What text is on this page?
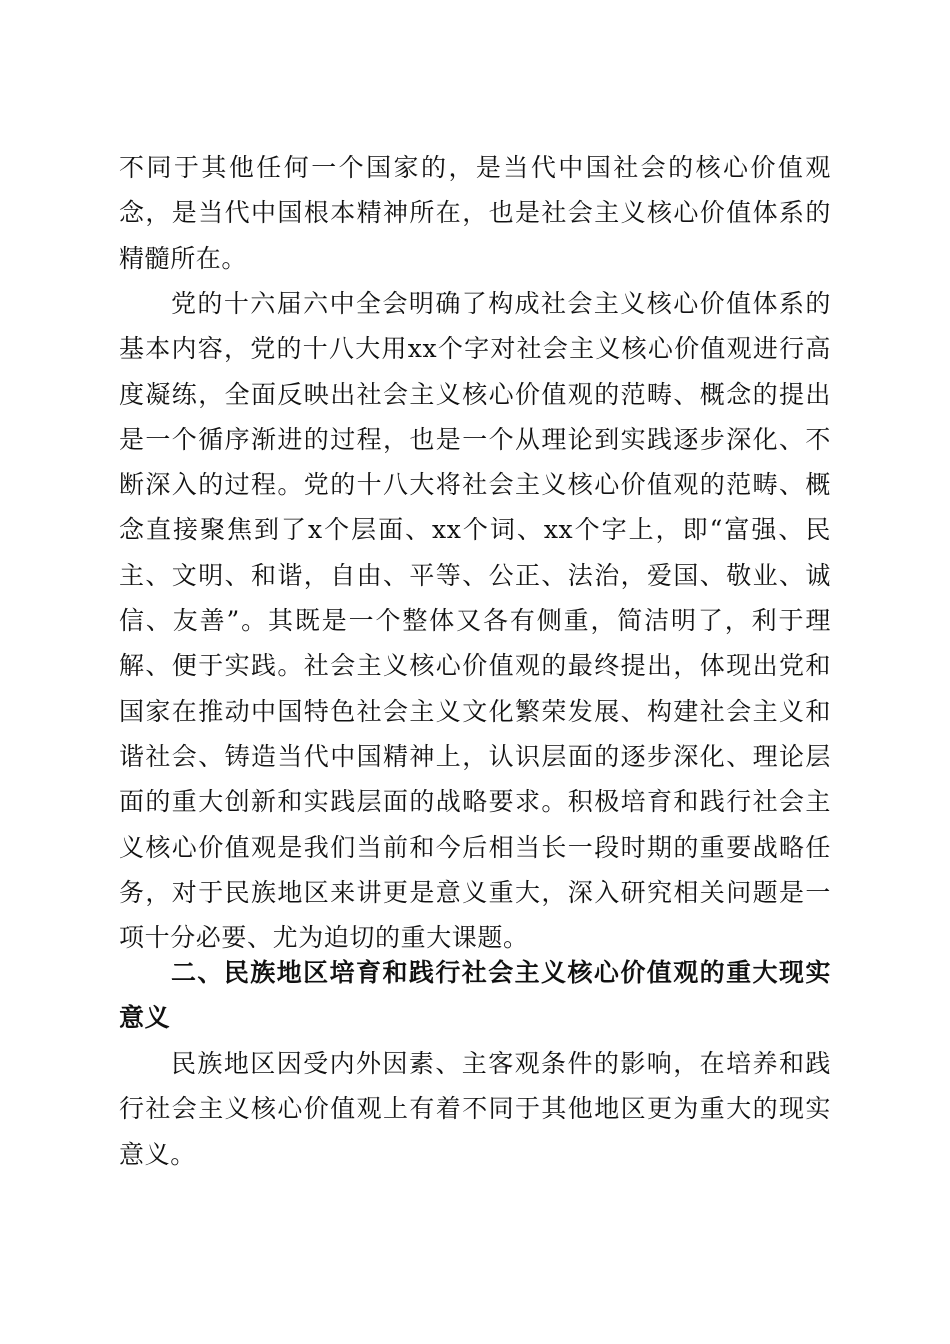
不同于其他任何一个国家的，是当代中国社会的核心价值观念，是当代中国根本精神所在，也是社会主义核心价值体系的精髓所在。

党的十六届六中全会明确了构成社会主义核心价值体系的基本内容，党的十八大用xx个字对社会主义核心价值观进行高度凝练，全面反映出社会主义核心价值观的范畴、概念的提出是一个循序渐进的过程，也是一个从理论到实践逐步深化、不断深入的过程。党的十八大将社会主义核心价值观的范畴、概念直接聚焦到了x个层面、xx个词、xx个字上，即“富强、民主、文明、和谐，自由、平等、公正、法治，爱国、敬业、诚信、友善”。其既是一个整体又各有侧重，简洁明了，利于理解、便于实践。社会主义核心价值观的最终提出，体现出党和国家在推动中国特色社会主义文化繁荣发展、构建社会主义和谐社会、铸造当代中国精神上，认识层面的逐步深化、理论层面的重大创新和实践层面的战略要求。积极培育和践行社会主义核心价值观是我们当前和今后相当长一段时期的重要战略任务，对于民族地区来讲更是意义重大，深入研究相关问题是一项十分必要、尤为迫切的重大课题。

二、民族地区培育和践行社会主义核心价值观的重大现实意义

民族地区因受内外因素、主客观条件的影响，在培养和践行社会主义核心价值观上有着不同于其他地区更为重大的现实意义。
